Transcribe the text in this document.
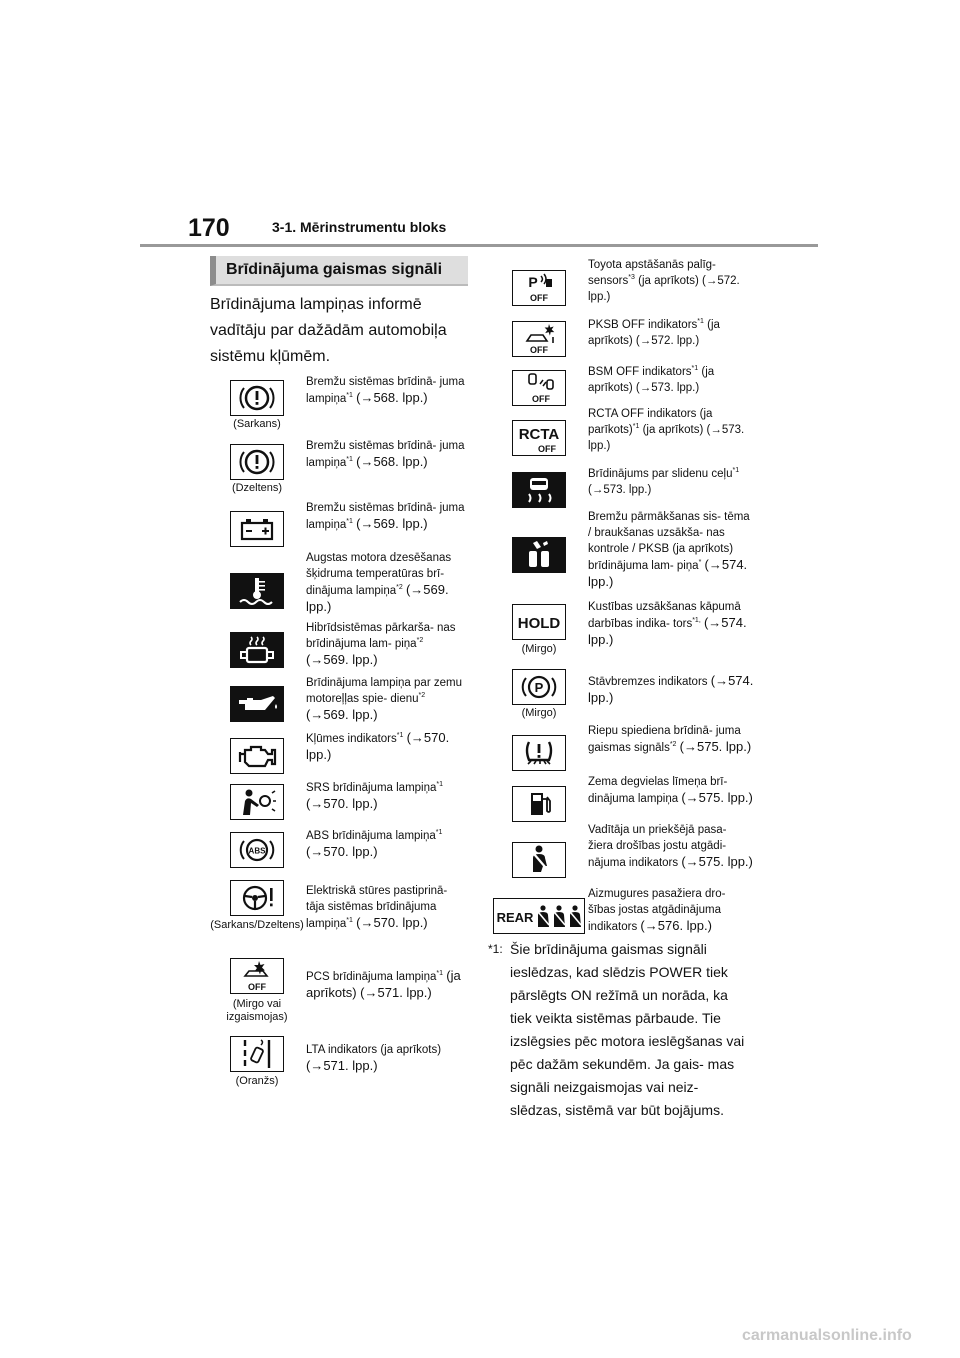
170	3-1. Mērinstrumentu bloks
Brīdinājuma gaismas signāli
Brīdinājuma lampiņas informē vadītāju par dažādām automobiļa sistēmu kļūmēm.
(Sarkans)
Bremžu sistēmas brīdinā- juma lampiņa$^{*1}$ (→568. lpp.)
(Dzeltens)
Bremžu sistēmas brīdinā- juma lampiņa$^{*1}$ (→568. lpp.)
Bremžu sistēmas brīdinā- juma lampiņa$^{*1}$ (→569. lpp.)
Augstas motora dzesēšanas šķidruma temperatūras brī- dinājuma lampiņa$^{*2}$ (→569. lpp.)
Hibrīdsistēmas pārkarša- nas brīdinājuma lam- piņa$^{*2}$ (→569. lpp.)
Brīdinājuma lampiņa par zemu motoreļļas spie- dienu$^{*2}$ (→569. lpp.)
Kļūmes indikators$^{*1}$ (→570. lpp.)
SRS brīdinājuma lampiņa$^{*1}$ (→570. lpp.)
ABS
ABS brīdinājuma lampiņa$^{*1}$ (→570. lpp.)
(Sarkans/Dzeltens)
Elektriskā stūres pastiprinā- tāja sistēmas brīdinājuma lampiņa$^{*1}$ (→570. lpp.)
OFF
(Mirgo vai izgaismojas)
PCS brīdinājuma lampiņa$^{*1}$ (ja aprīkots) (→571. lpp.)
(Oranžs)
LTA indikators (ja aprīkots) (→571. lpp.)
P
OFF
Toyota apstāšanās palīg- sensors$^{*3}$ (ja aprīkots) (→572. lpp.)
OFF
PKSB OFF indikators$^{*1}$ (ja aprīkots) (→572. lpp.)
OFF
BSM OFF indikators$^{*1}$ (ja aprīkots) (→573. lpp.)
RCTA
OFF
RCTA OFF indikators (ja parīkots)$^{*1}$ (ja aprīkots) (→573. lpp.)
Brīdinājums par slidenu ceļu$^{*1}$ (→573. lpp.)
Bremžu pārmākšanas sis- tēma / braukšanas uzsākša- nas kontrole / PKSB (ja aprīkots) brīdinājuma lam- piņa* (→574. lpp.)
HOLD
(Mirgo)
Kustības uzsākšanas kāpumā darbības indika- tors$^{*1,}$ (→574. lpp.)
P
(Mirgo)
Stāvbremzes indikators (→574. lpp.)
Riepu spiediena brīdinā- juma gaismas signāls$^{*2}$ (→575. lpp.)
Zema degvielas līmeņa brī- dinājuma lampiņa (→575. lpp.)
Vadītāja un priekšējā pasa- žiera drošības jostu atgādi- nājuma indikators (→575. lpp.)
REAR
Aizmugures pasažiera dro- šības jostas atgādinājuma indikators (→576. lpp.)
*1: Šie brīdinājuma gaismas signāli ieslēdzas, kad slēdzis POWER tiek pārslēgts ON režīmā un norāda, ka tiek veikta sistēmas pārbaude. Tie izslēgsies pēc motora ieslēgšanas vai pēc dažām sekundēm. Ja gais- mas signāli neizgaismojas vai neiz- slēdzas, sistēmā var būt bojājums.
carmanualsonline.info
